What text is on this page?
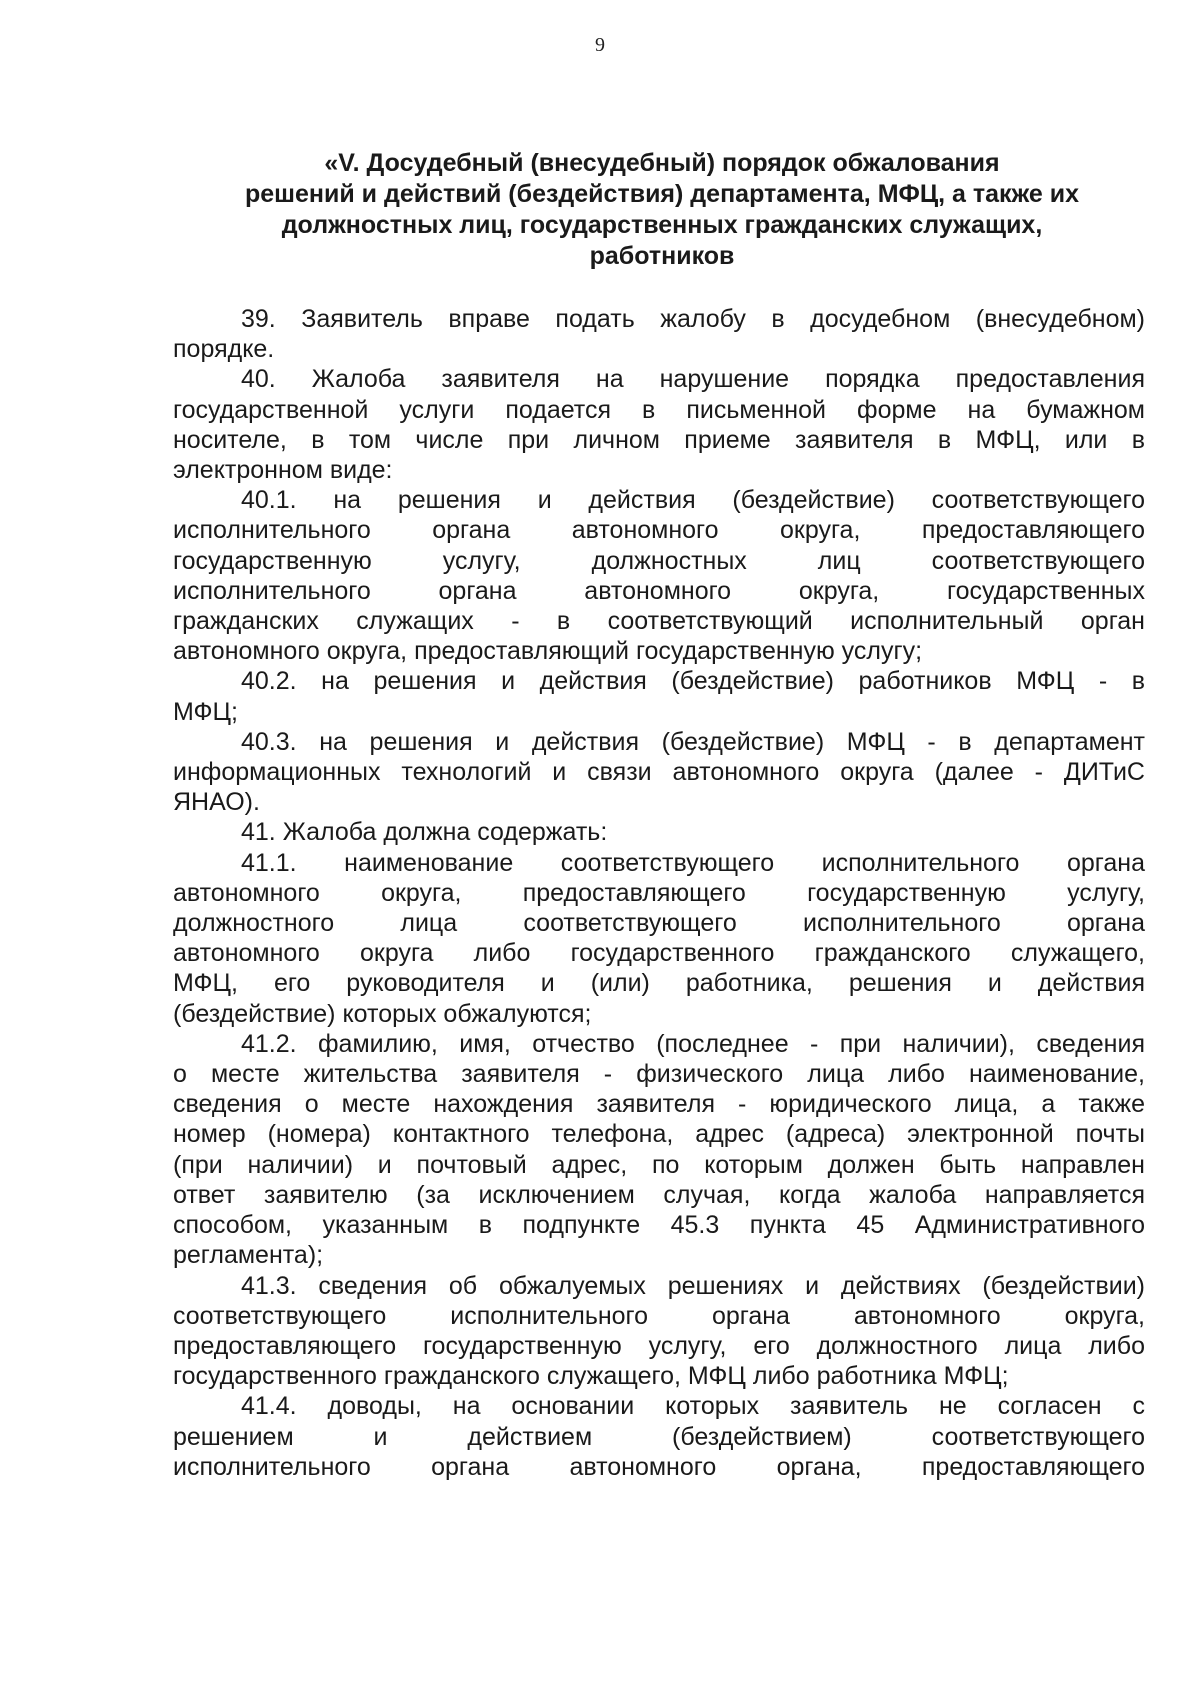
9
«V. Досудебный (внесудебный) порядок обжалования
решений и действий (бездействия) департамента, МФЦ, а также их
должностных лиц, государственных гражданских служащих,
работников
39. Заявитель вправе подать жалобу в досудебном (внесудебном)
порядке.
40. Жалоба заявителя на нарушение порядка предоставления
государственной услуги подается в письменной форме на бумажном
носителе, в том числе при личном приеме заявителя в МФЦ, или в
электронном виде:
40.1. на решения и действия (бездействие) соответствующего
исполнительного органа автономного округа, предоставляющего
государственную услугу, должностных лиц соответствующего
исполнительного органа автономного округа, государственных
гражданских служащих - в соответствующий исполнительный орган
автономного округа, предоставляющий государственную услугу;
40.2. на решения и действия (бездействие) работников МФЦ - в
МФЦ;
40.3. на решения и действия (бездействие) МФЦ - в департамент
информационных технологий и связи автономного округа (далее - ДИТиС
ЯНАО).
41. Жалоба должна содержать:
41.1. наименование соответствующего исполнительного органа
автономного округа, предоставляющего государственную услугу,
должностного лица соответствующего исполнительного органа
автономного округа либо государственного гражданского служащего,
МФЦ, его руководителя и (или) работника, решения и действия
(бездействие) которых обжалуются;
41.2. фамилию, имя, отчество (последнее - при наличии), сведения
о месте жительства заявителя - физического лица либо наименование,
сведения о месте нахождения заявителя - юридического лица, а также
номер (номера) контактного телефона, адрес (адреса) электронной почты
(при наличии) и почтовый адрес, по которым должен быть направлен
ответ заявителю (за исключением случая, когда жалоба направляется
способом, указанным в подпункте 45.3 пункта 45 Административного
регламента);
41.3. сведения об обжалуемых решениях и действиях (бездействии)
соответствующего исполнительного органа автономного округа,
предоставляющего государственную услугу, его должностного лица либо
государственного гражданского служащего, МФЦ либо работника МФЦ;
41.4. доводы, на основании которых заявитель не согласен с
решением и действием (бездействием) соответствующего
исполнительного органа автономного органа, предоставляющего
